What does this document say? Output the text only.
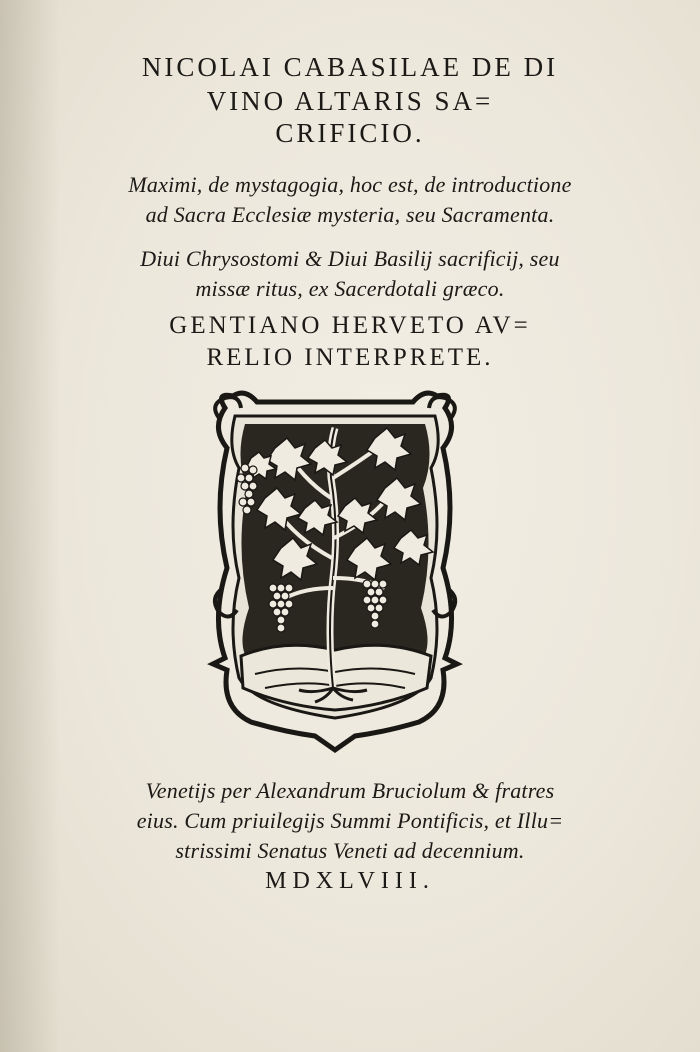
NICOLAI CABASILAE DE DI
VINO ALTARIS SA=
CRIFICIO.
Maximi, de mystagogia, hoc est, de introductione
ad Sacra Ecclesiæ mysteria, seu Sacramenta.
Diui Chrysostomi & Diui Basilij sacrificij, seu
missæ ritus, ex Sacerdotali græco.
GENTIANO HERVETO AV=
RELIO INTERPRETE.
Venetijs per Alexandrum Bruciolum & fratres
eius. Cum priuilegijs Summi Pontificis, et Illu=
strissimi Senatus Veneti ad decennium.
MDXLVIII.
